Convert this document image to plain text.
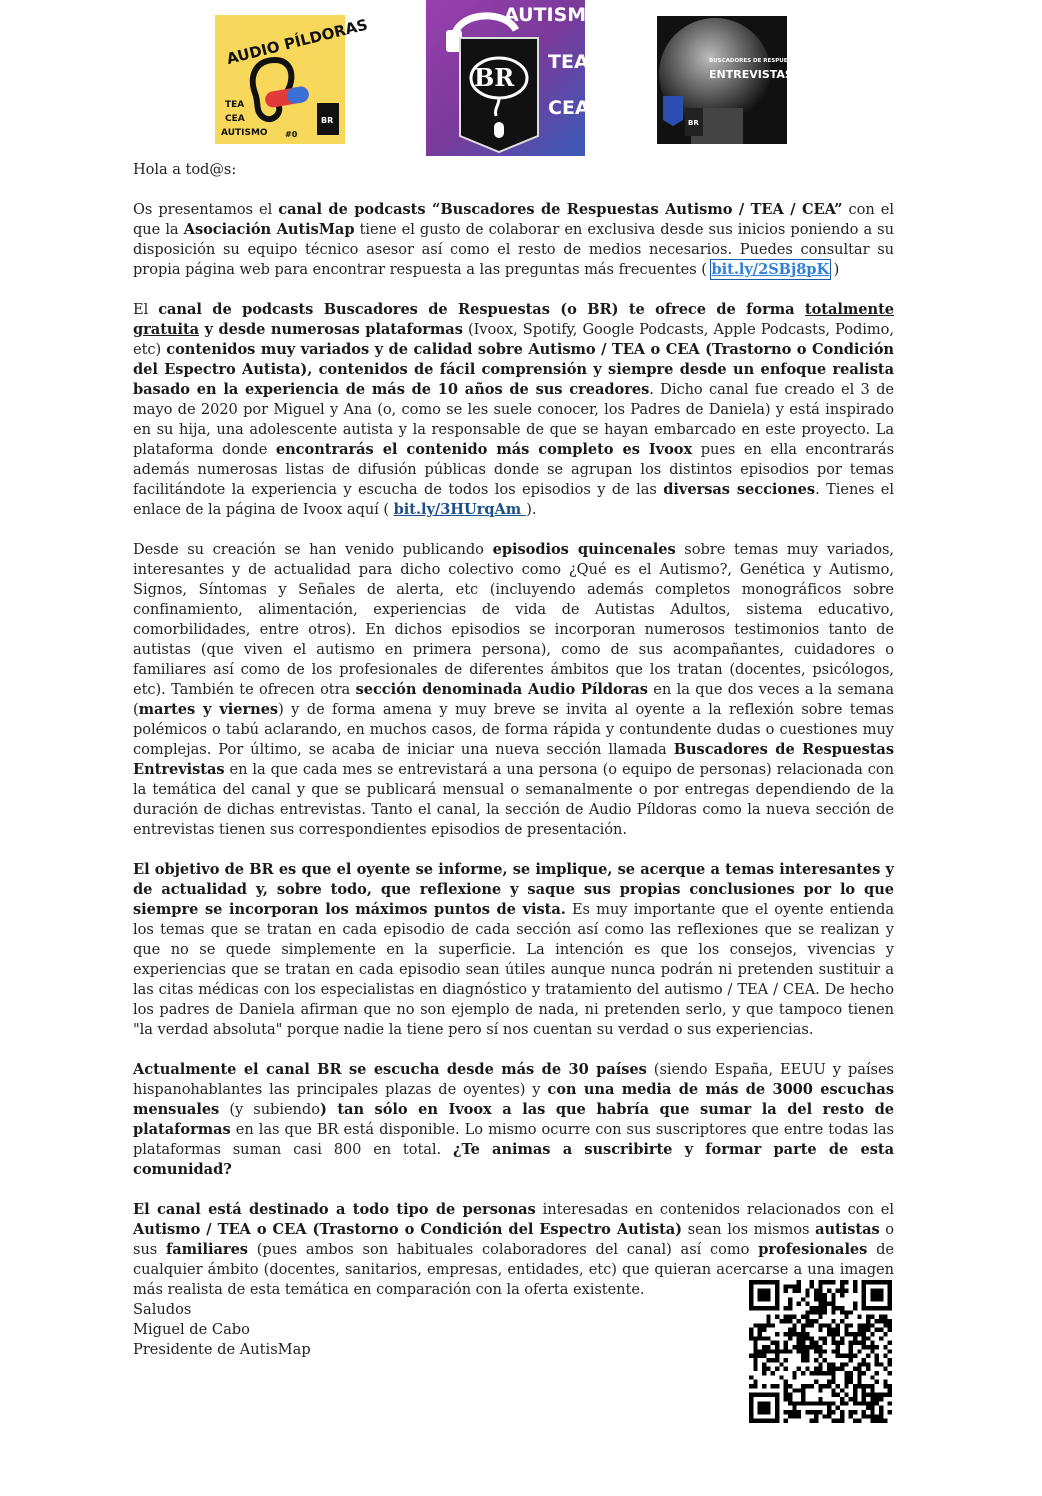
AUDIO PÍLDORAS
TEA
CEA
AUTISMO #0
BR
BR
AUTISMO
TEA
CEA
BUSCADORES DE RESPUESTAS
ENTREVISTAS
BR

Hola a tod@s:

Os presentamos el canal de podcasts “Buscadores de Respuestas Autismo / TEA / CEA” con el que la Asociación AutisMap tiene el gusto de colaborar en exclusiva desde sus inicios poniendo a su disposición su equipo técnico asesor así como el resto de medios necesarios. Puedes consultar su propia página web para encontrar respuesta a las preguntas más frecuentes ( bit.ly/2SBj8pK )

El canal de podcasts Buscadores de Respuestas (o BR) te ofrece de forma totalmente gratuita y desde numerosas plataformas (Ivoox, Spotify, Google Podcasts, Apple Podcasts, Podimo, etc) contenidos muy variados y de calidad sobre Autismo / TEA o CEA (Trastorno o Condición del Espectro Autista), contenidos de fácil comprensión y siempre desde un enfoque realista basado en la experiencia de más de 10 años de sus creadores. Dicho canal fue creado el 3 de mayo de 2020 por Miguel y Ana (o, como se les suele conocer, los Padres de Daniela) y está inspirado en su hija, una adolescente autista y la responsable de que se hayan embarcado en este proyecto. La plataforma donde encontrarás el contenido más completo es Ivoox pues en ella encontrarás además numerosas listas de difusión públicas donde se agrupan los distintos episodios por temas facilitándote la experiencia y escucha de todos los episodios y de las diversas secciones. Tienes el enlace de la página de Ivoox aquí ( bit.ly/3HUrqAm ).

Desde su creación se han venido publicando episodios quincenales sobre temas muy variados, interesantes y de actualidad para dicho colectivo como ¿Qué es el Autismo?, Genética y Autismo, Signos, Síntomas y Señales de alerta, etc (incluyendo además completos monográficos sobre confinamiento, alimentación, experiencias de vida de Autistas Adultos, sistema educativo, comorbilidades, entre otros). En dichos episodios se incorporan numerosos testimonios tanto de autistas (que viven el autismo en primera persona), como de sus acompañantes, cuidadores o familiares así como de los profesionales de diferentes ámbitos que los tratan (docentes, psicólogos, etc). También te ofrecen otra sección denominada Audio Píldoras en la que dos veces a la semana (martes y viernes) y de forma amena y muy breve se invita al oyente a la reflexión sobre temas polémicos o tabú aclarando, en muchos casos, de forma rápida y contundente dudas o cuestiones muy complejas. Por último, se acaba de iniciar una nueva sección llamada Buscadores de Respuestas Entrevistas en la que cada mes se entrevistará a una persona (o equipo de personas) relacionada con la temática del canal y que se publicará mensual o semanalmente o por entregas dependiendo de la duración de dichas entrevistas. Tanto el canal, la sección de Audio Píldoras como la nueva sección de entrevistas tienen sus correspondientes episodios de presentación.

El objetivo de BR es que el oyente se informe, se implique, se acerque a temas interesantes y de actualidad y, sobre todo, que reflexione y saque sus propias conclusiones por lo que siempre se incorporan los máximos puntos de vista. Es muy importante que el oyente entienda los temas que se tratan en cada episodio de cada sección así como las reflexiones que se realizan y que no se quede simplemente en la superficie. La intención es que los consejos, vivencias y experiencias que se tratan en cada episodio sean útiles aunque nunca podrán ni pretenden sustituir a las citas médicas con los especialistas en diagnóstico y tratamiento del autismo / TEA / CEA. De hecho los padres de Daniela afirman que no son ejemplo de nada, ni pretenden serlo, y que tampoco tienen "la verdad absoluta" porque nadie la tiene pero sí nos cuentan su verdad o sus experiencias.

Actualmente el canal BR se escucha desde más de 30 países (siendo España, EEUU y países hispanohablantes las principales plazas de oyentes) y con una media de más de 3000 escuchas mensuales (y subiendo) tan sólo en Ivoox a las que habría que sumar la del resto de plataformas en las que BR está disponible. Lo mismo ocurre con sus suscriptores que entre todas las plataformas suman casi 800 en total. ¿Te animas a suscribirte y formar parte de esta comunidad?

El canal está destinado a todo tipo de personas interesadas en contenidos relacionados con el Autismo / TEA o CEA (Trastorno o Condición del Espectro Autista) sean los mismos autistas o sus familiares (pues ambos son habituales colaboradores del canal) así como profesionales de cualquier ámbito (docentes, sanitarios, empresas, entidades, etc) que quieran acercarse a una imagen más realista de esta temática en comparación con la oferta existente.

Saludos
Miguel de Cabo
Presidente de AutisMap
